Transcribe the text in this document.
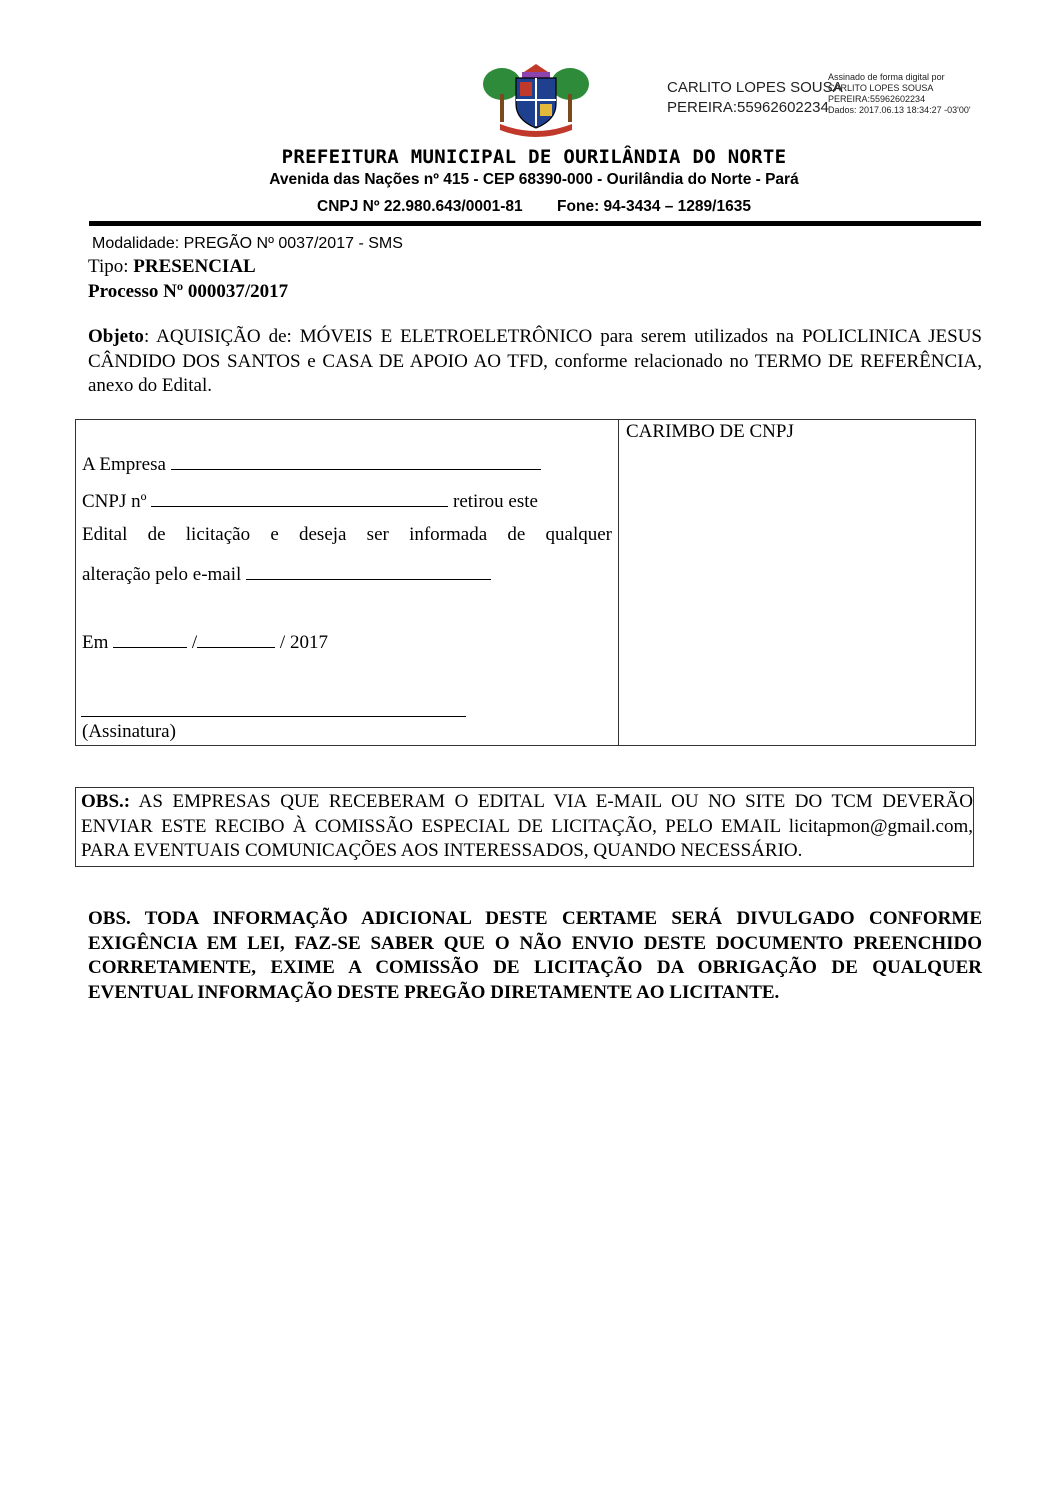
CARLITO LOPES SOUSA
PEREIRA:55962602234
Assinado de forma digital por
CARLITO LOPES SOUSA
PEREIRA:55962602234
Dados: 2017.06.13 18:34:27 -03'00'
PREFEITURA MUNICIPAL DE OURILÂNDIA DO NORTE
Avenida das Nações nº 415 - CEP 68390-000 - Ourilândia do Norte - Pará
CNPJ Nº 22.980.643/0001-81        Fone: 94-3434 – 1289/1635
Modalidade: PREGÃO Nº 0037/2017 - SMS
Tipo: PRESENCIAL
Processo Nº 000037/2017
Objeto: AQUISIÇÃO de: MÓVEIS E ELETROELETRÔNICO para serem utilizados na POLICLINICA JESUS CÂNDIDO DOS SANTOS e CASA DE APOIO AO TFD, conforme relacionado no TERMO DE REFERÊNCIA, anexo do Edital.
CARIMBO DE CNPJ
A Empresa
CNPJ nº	retirou este
Edital de licitação e deseja ser informada de qualquer
alteração pelo e-mail
Em	/	/ 2017
(Assinatura)
OBS.: AS EMPRESAS QUE RECEBERAM O EDITAL VIA E-MAIL OU NO SITE DO TCM DEVERÃO ENVIAR ESTE RECIBO À COMISSÃO ESPECIAL DE LICITAÇÃO, PELO EMAIL licitapmon@gmail.com, PARA EVENTUAIS COMUNICAÇÕES AOS INTERESSADOS, QUANDO NECESSÁRIO.
OBS. TODA INFORMAÇÃO ADICIONAL DESTE CERTAME SERÁ DIVULGADO CONFORME EXIGÊNCIA EM LEI, FAZ-SE SABER QUE O NÃO ENVIO DESTE DOCUMENTO PREENCHIDO CORRETAMENTE, EXIME A COMISSÃO DE LICITAÇÃO DA OBRIGAÇÃO DE QUALQUER EVENTUAL INFORMAÇÃO DESTE PREGÃO DIRETAMENTE AO LICITANTE.
